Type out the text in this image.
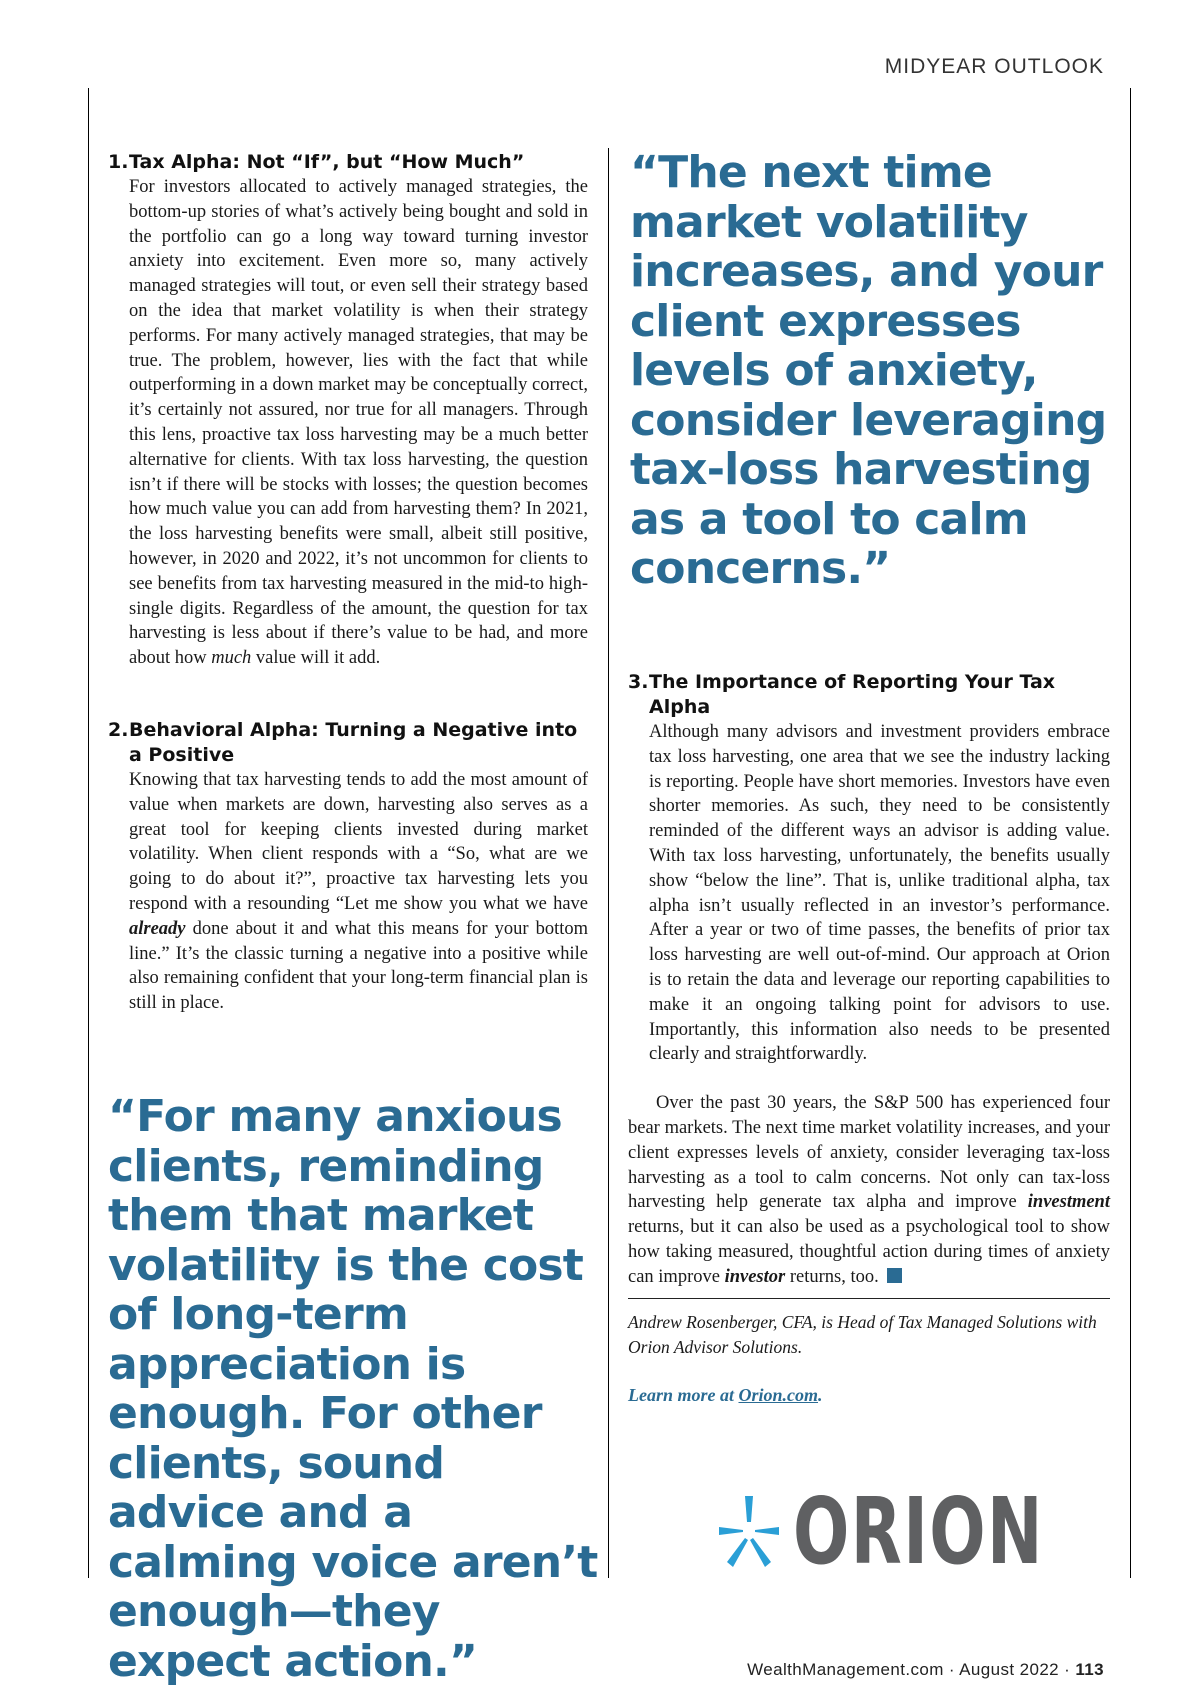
MIDYEAR OUTLOOK
1. Tax Alpha: Not “If”, but “How Much”

For investors allocated to actively managed strategies, the bottom-up stories of what’s actively being bought and sold in the portfolio can go a long way toward turning investor anxiety into excitement. Even more so, many actively managed strategies will tout, or even sell their strategy based on the idea that market volatility is when their strategy performs. For many actively managed strategies, that may be true. The problem, however, lies with the fact that while outperforming in a down market may be conceptually correct, it’s certainly not assured, nor true for all managers. Through this lens, proactive tax loss harvesting may be a much better alternative for clients. With tax loss harvesting, the question isn’t if there will be stocks with losses; the question becomes how much value you can add from harvesting them? In 2021, the loss harvesting benefits were small, albeit still positive, however, in 2020 and 2022, it’s not uncommon for clients to see benefits from tax harvesting measured in the mid-to high-single digits. Regardless of the amount, the question for tax harvesting is less about if there’s value to be had, and more about how much value will it add.

2. Behavioral Alpha: Turning a Negative into a Positive

Knowing that tax harvesting tends to add the most amount of value when markets are down, harvesting also serves as a great tool for keeping clients invested during market volatility. When client responds with a “So, what are we going to do about it?”, proactive tax harvesting lets you respond with a resounding “Let me show you what we have already done about it and what this means for your bottom line.” It’s the classic turning a negative into a positive while also remaining confident that your long-term financial plan is still in place.

“For many anxious clients, reminding them that market volatility is the cost of long-term appreciation is enough. For other clients, sound advice and a calming voice aren’t enough—they expect action.”

“The next time market volatility increases, and your client expresses levels of anxiety, consider leveraging tax-loss harvesting as a tool to calm concerns.”

3. The Importance of Reporting Your Tax Alpha

Although many advisors and investment providers embrace tax loss harvesting, one area that we see the industry lacking is reporting. People have short memories. Investors have even shorter memories. As such, they need to be consistently reminded of the different ways an advisor is adding value. With tax loss harvesting, unfortunately, the benefits usually show “below the line”. That is, unlike traditional alpha, tax alpha isn’t usually reflected in an investor’s performance. After a year or two of time passes, the benefits of prior tax loss harvesting are well out-of-mind. Our approach at Orion is to retain the data and leverage our reporting capabilities to make it an ongoing talking point for advisors to use. Importantly, this information also needs to be presented clearly and straightforwardly.

Over the past 30 years, the S&P 500 has experienced four bear markets. The next time market volatility increases, and your client expresses levels of anxiety, consider leveraging tax-loss harvesting as a tool to calm concerns. Not only can tax-loss harvesting help generate tax alpha and improve investment returns, but it can also be used as a psychological tool to show how taking measured, thoughtful action during times of anxiety can improve investor returns, too.

Andrew Rosenberger, CFA, is Head of Tax Managed Solutions with Orion Advisor Solutions.

Learn more at Orion.com.
ORION
WealthManagement.com · August 2022 · 113
